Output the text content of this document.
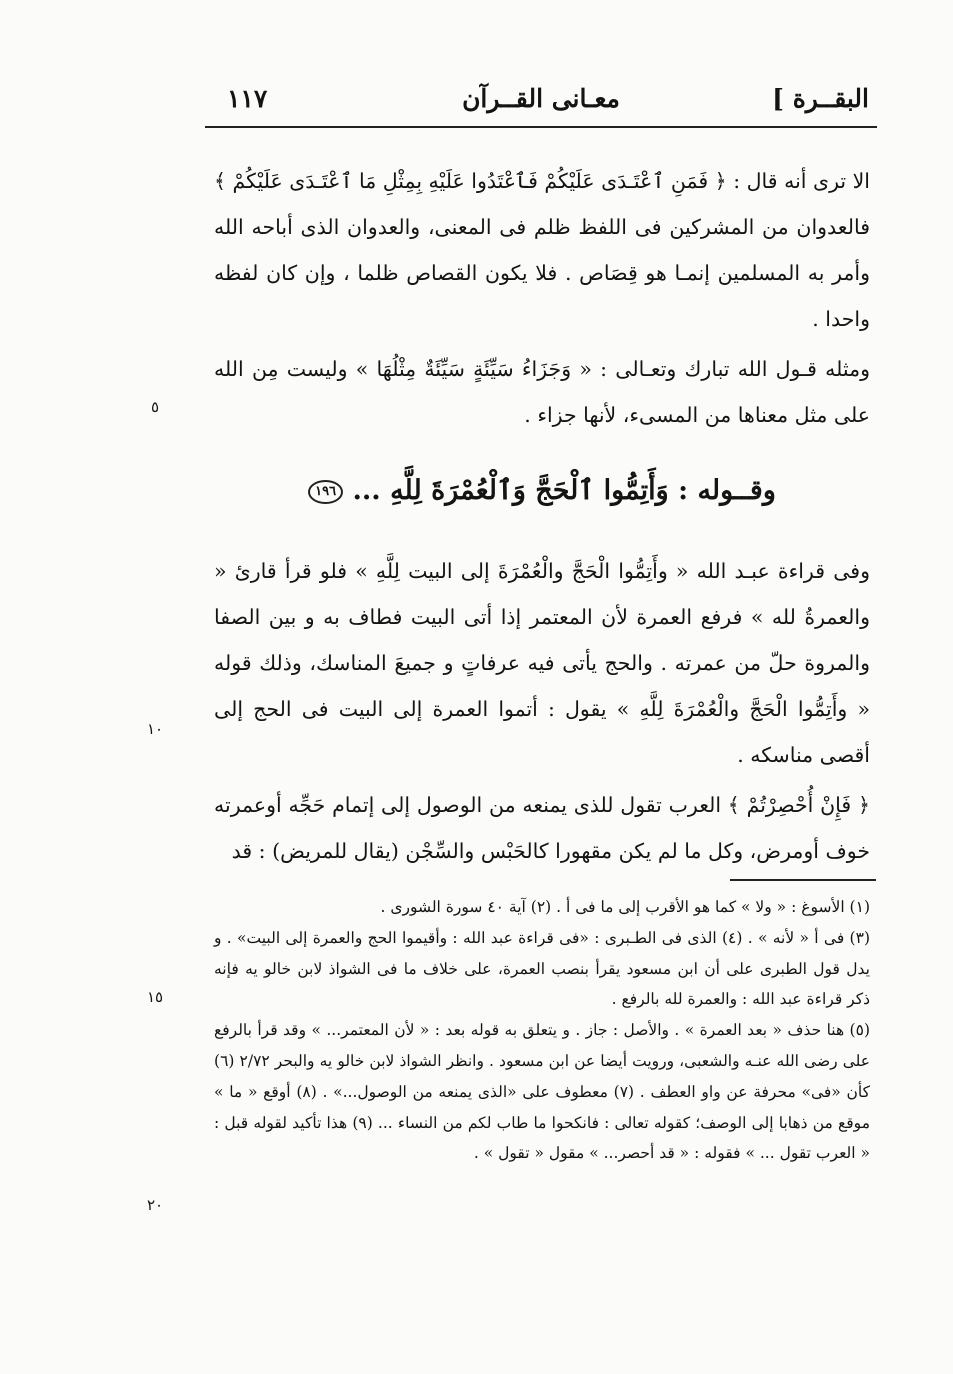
البقــرة ]
معـانى القــرآن
١١٧

الا ترى أنه قال : ﴿ فَمَنِ ٱعْتَـدَى عَلَيْكُمْ فَٱعْتَدُوا عَلَيْهِ بِمِثْلِ مَا ٱعْتَـدَى عَلَيْكُمْ ﴾ فالعدوان من المشركين فى اللفظ ظلم فى المعنى، والعدوان الذى أباحه الله وأمر به المسلمين إنمـا هو قِصَاص . فلا يكون القصاص ظلما ، وإن كان لفظه واحدا .

ومثله قـول الله تبارك وتعـالى : « وَجَزَاءُ سَيِّئَةٍ سَيِّئَةٌ مِثْلُهَا » وليست مِن الله على مثل معناها من المسىء، لأنها جزاء .

وقــوله : وَأَتِمُّوا ٱلْحَجَّ وَٱلْعُمْرَةَ لِلَّهِ ... ١٩٦

وفى قراءة عبـد الله « وأَتِمُّوا الْحَجَّ والْعُمْرَةَ إلى البيت لِلَّهِ » فلو قرأ قارئ « والعمرةُ لله » فرفع العمرة لأن المعتمر إذا أتى البيت فطاف به و بين الصفا والمروة حلّ من عمرته . والحج يأتى فيه عرفاتٍ و جميعَ المناسك، وذلك قوله « وأَتِمُّوا الْحَجَّ والْعُمْرَةَ لِلَّهِ » يقول : أتموا العمرة إلى البيت فى الحج إلى أقصى مناسكه .

﴿ فَإِنْ أُحْصِرْتُمْ ﴾ العرب تقول للذى يمنعه من الوصول إلى إتمام حَجِّه أوعمرته خوف أومرض، وكل ما لم يكن مقهورا كالحَبْس والسِّجْن (يقال للمريض) : قد

(١) الأسوغ : « ولا » كما هو الأقرب إلى ما فى أ . (٢) آية ٤٠ سورة الشورى .

(٣) فى أ « لأنه » . (٤) الذى فى الطـبرى : «فى قراءة عبد الله : وأقيموا الحج والعمرة إلى البيت» . و يدل قول الطبرى على أن ابن مسعود يقرأ بنصب العمرة، على خلاف ما فى الشواذ لابن خالو يه فإنه ذكر قراءة عبد الله : والعمرة لله بالرفع .

(٥) هنا حذف « بعد العمرة » . والأصل : جاز . و يتعلق به قوله بعد : « لأن المعتمر... » وقد قرأ بالرفع على رضى الله عنـه والشعبى، ورويت أيضا عن ابن مسعود . وانظر الشواذ لابن خالو يه والبحر ٢/٧٢ (٦) كأن «فى» محرفة عن واو العطف . (٧) معطوف على «الذى يمنعه من الوصول...» . (٨) أوقع « ما » موقع من ذهابا إلى الوصف؛ كقوله تعالى : فانكحوا ما طاب لكم من النساء ... (٩) هذا تأكيد لقوله قبل : « العرب تقول ... » فقوله : « قد أحصر... » مقول « تقول » .

٥
١٠
١٥
٢٠
